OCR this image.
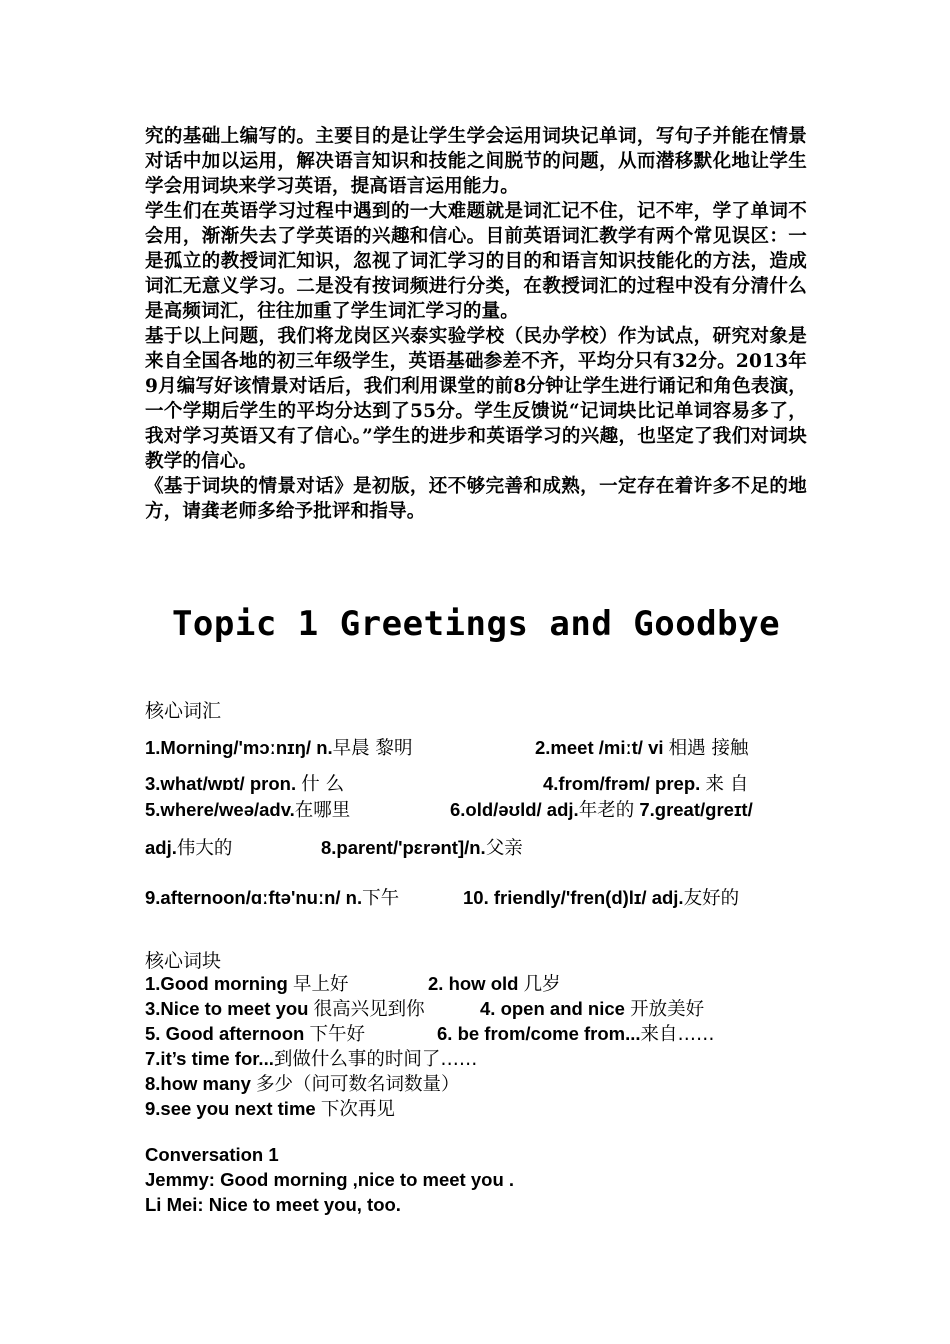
究的基础上编写的。主要目的是让学生学会运用词块记单词，写句子并能在情景对话中加以运用，解决语言知识和技能之间脱节的问题，从而潜移默化地让学生学会用词块来学习英语，提高语言运用能力。

学生们在英语学习过程中遇到的一大难题就是词汇记不住，记不牢，学了单词不会用，渐渐失去了学英语的兴趣和信心。目前英语词汇教学有两个常见误区：一是孤立的教授词汇知识，忽视了词汇学习的目的和语言知识技能化的方法，造成词汇无意义学习。二是没有按词频进行分类，在教授词汇的过程中没有分清什么是高频词汇，往往加重了学生词汇学习的量。

基于以上问题，我们将龙岗区兴泰实验学校（民办学校）作为试点，研究对象是来自全国各地的初三年级学生，英语基础参差不齐，平均分只有32分。2013年9月编写好该情景对话后，我们利用课堂的前8分钟让学生进行诵记和角色表演，一个学期后学生的平均分达到了55分。学生反馈说“记词块比记单词容易多了，我对学习英语又有了信心。”学生的进步和英语学习的兴趣，也坚定了我们对词块教学的信心。

《基于词块的情景对话》是初版，还不够完善和成熟，一定存在着许多不足的地方，请龚老师多给予批评和指导。

Topic 1 Greetings and Goodbye
核心词汇
1.Morning/'mɔːnɪŋ/ n.早晨 黎明	2.meet /miːt/ vi 相遇 接触
3.what/wɒt/ pron. 什 么	4.from/frəm/ prep. 来 自
5.where/weə/adv.在哪里	6.old/əʊld/ adj.年老的 7.great/greɪt/
adj.伟大的	8.parent/'pɛrənt]/n.父亲
9.afternoon/ɑːftə'nuːn/ n.下午	10. friendly/'fren(d)lɪ/ adj.友好的
核心词块
1.Good morning 早上好	2. how old 几岁
3.Nice to meet you 很高兴见到你	4. open and nice 开放美好
5. Good afternoon 下午好	6. be from/come from...来自……
7.it’s time for...到做什么事的时间了……
8.how many 多少（问可数名词数量）
9.see you next time 下次再见
Conversation 1
Jemmy: Good morning ,nice to meet you .
Li Mei: Nice to meet you, too.
